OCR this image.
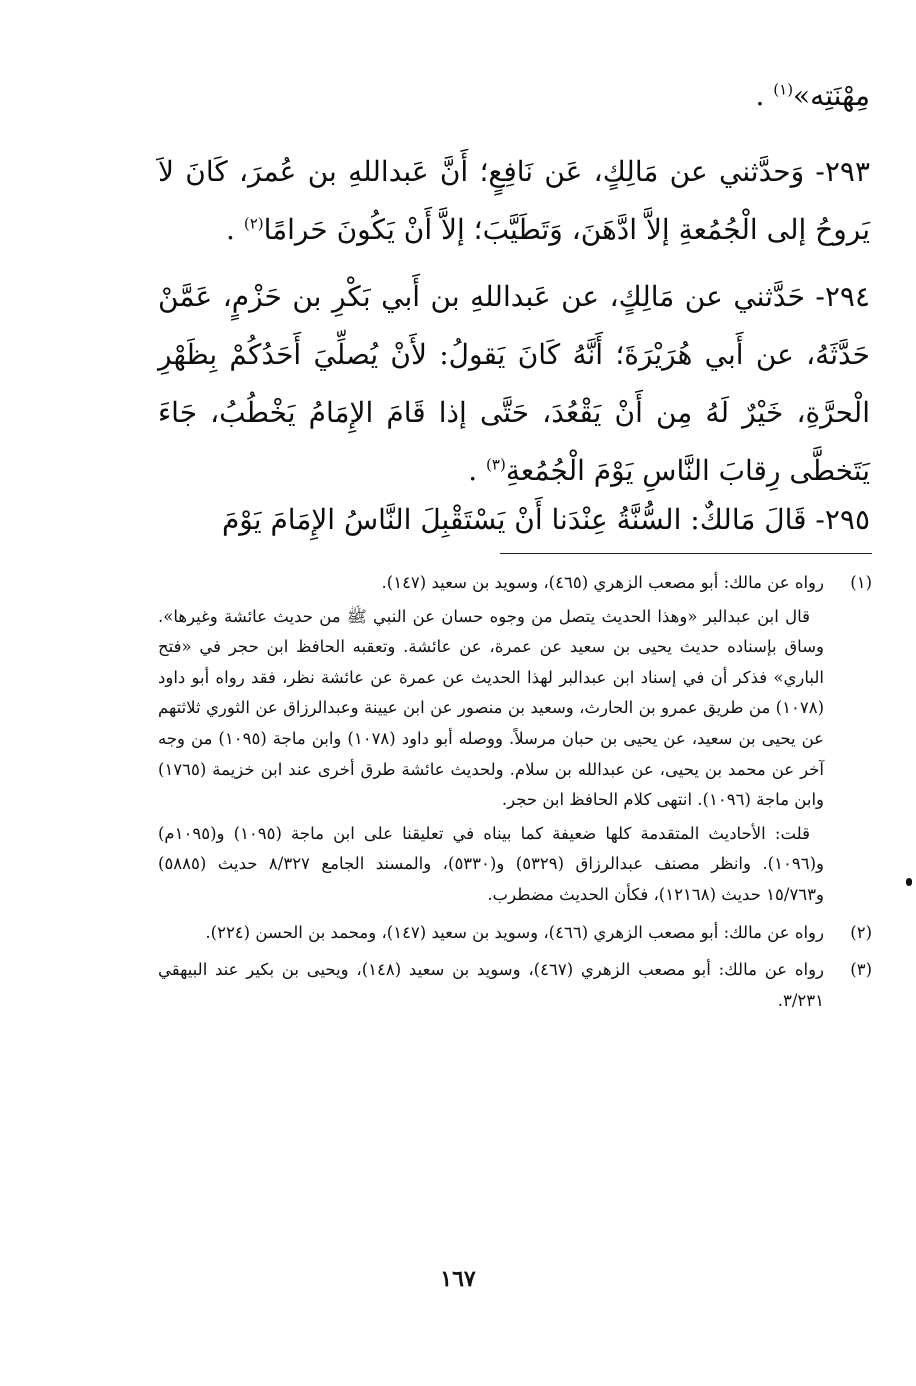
مِهْنَتِه»$^{(١)}$ .
٢٩٣- وَحدَّثني عن مَالِكٍ، عَن نَافِعٍ؛ أَنَّ عَبداللهِ بن عُمرَ، كَانَ لاَ يَروحُ إلى الْجُمُعةِ إلاَّ ادَّهَنَ، وَتَطَيَّبَ؛ إلاَّ أَنْ يَكُونَ حَرامًا$^{(٢)}$ .
٢٩٤- حَدَّثني عن مَالِكٍ، عن عَبداللهِ بن أَبي بَكْرِ بن حَزْمٍ، عَمَّنْ حَدَّثَهُ، عن أَبي هُرَيْرَةَ؛ أَنَّهُ كَانَ يَقولُ: لأَنْ يُصلِّيَ أَحَدُكُمْ بِظَهْرِ الْحرَّةِ، خَيْرٌ لَهُ مِن أَنْ يَقْعُدَ، حَتَّى إذا قَامَ الإِمَامُ يَخْطُبُ، جَاءَ يَتَخطَّى رِقابَ النَّاسِ يَوْمَ الْجُمُعةِ$^{(٣)}$ .
٢٩٥- قَالَ مَالكٌ: السُّنَّةُ عِنْدَنا أَنْ يَسْتَقْبِلَ النَّاسُ الإِمَامَ يَوْمَ
(١)

رواه عن مالك: أبو مصعب الزهري (٤٦٥)، وسويد بن سعيد (١٤٧).

قال ابن عبدالبر «وهذا الحديث يتصل من وجوه حسان عن النبي ﷺ من حديث عائشة وغيرها». وساق بإسناده حديث يحيى بن سعيد عن عمرة، عن عائشة. وتعقبه الحافظ ابن حجر في «فتح الباري» فذكر أن في إسناد ابن عبدالبر لهذا الحديث عن عمرة عن عائشة نظر، فقد رواه أبو داود (١٠٧٨) من طريق عمرو بن الحارث، وسعيد بن منصور عن ابن عيينة وعبدالرزاق عن الثوري ثلاثتهم عن يحيى بن سعيد، عن يحيى بن حبان مرسلاً. ووصله أبو داود (١٠٧٨) وابن ماجة (١٠٩٥) من وجه آخر عن محمد بن يحيى، عن عبدالله بن سلام. ولحديث عائشة طرق أخرى عند ابن خزيمة (١٧٦٥) وابن ماجة (١٠٩٦). انتهى كلام الحافظ ابن حجر.

قلت: الأحاديث المتقدمة كلها ضعيفة كما بيناه في تعليقنا على ابن ماجة (١٠٩٥) و(١٠٩٥م) و(١٠٩٦). وانظر مصنف عبدالرزاق (٥٣٢٩) و(٥٣٣٠)، والمسند الجامع ٨/٣٢٧ حديث (٥٨٨٥) و١٥/٧٦٣ حديث (١٢١٦٨)، فكأن الحديث مضطرب.

(٢)

رواه عن مالك: أبو مصعب الزهري (٤٦٦)، وسويد بن سعيد (١٤٧)، ومحمد بن الحسن (٢٢٤).

(٣)

رواه عن مالك: أبو مصعب الزهري (٤٦٧)، وسويد بن سعيد (١٤٨)، ويحيى بن بكير عند البيهقي ٣/٢٣١.

١٦٧
